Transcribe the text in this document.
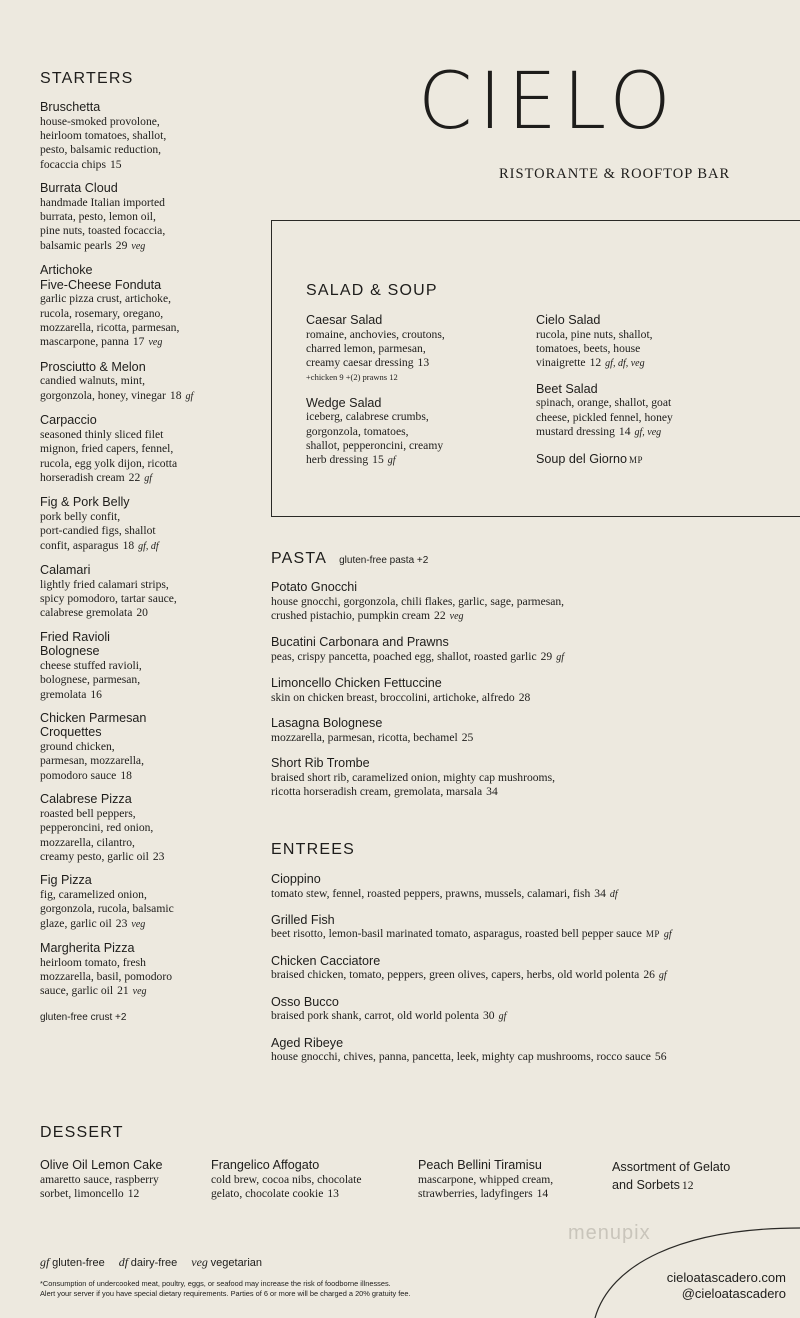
CIELO
RISTORANTE & ROOFTOP BAR
STARTERS
Bruschetta
house-smoked provolone,
heirloom tomatoes, shallot,
pesto, balsamic reduction,
focaccia chips 15
Burrata Cloud
handmade Italian imported
burrata, pesto, lemon oil,
pine nuts, toasted focaccia,
balsamic pearls 29 veg
Artichoke
Five-Cheese Fonduta
garlic pizza crust, artichoke,
rucola, rosemary, oregano,
mozzarella, ricotta, parmesan,
mascarpone, panna 17 veg
Prosciutto & Melon
candied walnuts, mint,
gorgonzola, honey, vinegar 18 gf
Carpaccio
seasoned thinly sliced filet
mignon, fried capers, fennel,
rucola, egg yolk dijon, ricotta
horseradish cream 22 gf
Fig & Pork Belly
pork belly confit,
port-candied figs, shallot
confit, asparagus 18 gf, df
Calamari
lightly fried calamari strips,
spicy pomodoro, tartar sauce,
calabrese gremolata 20
Fried Ravioli
Bolognese
cheese stuffed ravioli,
bolognese, parmesan,
gremolata 16
Chicken Parmesan
Croquettes
ground chicken,
parmesan, mozzarella,
pomodoro sauce 18
Calabrese Pizza
roasted bell peppers,
pepperoncini, red onion,
mozzarella, cilantro,
creamy pesto, garlic oil 23
Fig Pizza
fig, caramelized onion,
gorgonzola, rucola, balsamic
glaze, garlic oil 23 veg
Margherita Pizza
heirloom tomato, fresh
mozzarella, basil, pomodoro
sauce, garlic oil 21 veg
gluten-free crust +2
SALAD & SOUP
Caesar Salad
romaine, anchovies, croutons,
charred lemon, parmesan,
creamy caesar dressing 13
+chicken 9 +(2) prawns 12
Wedge Salad
iceberg, calabrese crumbs,
gorgonzola, tomatoes,
shallot, pepperoncini, creamy
herb dressing 15 gf
Cielo Salad
rucola, pine nuts, shallot,
tomatoes, beets, house
vinaigrette 12 gf, df, veg
Beet Salad
spinach, orange, shallot, goat
cheese, pickled fennel, honey
mustard dressing 14 gf, veg
Soup del Giorno MP
PASTA gluten-free pasta +2
Potato Gnocchi
house gnocchi, gorgonzola, chili flakes, garlic, sage, parmesan,
crushed pistachio, pumpkin cream 22 veg
Bucatini Carbonara and Prawns
peas, crispy pancetta, poached egg, shallot, roasted garlic 29 gf
Limoncello Chicken Fettuccine
skin on chicken breast, broccolini, artichoke, alfredo 28
Lasagna Bolognese
mozzarella, parmesan, ricotta, bechamel 25
Short Rib Trombe
braised short rib, caramelized onion, mighty cap mushrooms,
ricotta horseradish cream, gremolata, marsala 34
ENTREES
Cioppino
tomato stew, fennel, roasted peppers, prawns, mussels, calamari, fish 34 df
Grilled Fish
beet risotto, lemon-basil marinated tomato, asparagus, roasted bell pepper sauce MP gf
Chicken Cacciatore
braised chicken, tomato, peppers, green olives, capers, herbs, old world polenta 26 gf
Osso Bucco
braised pork shank, carrot, old world polenta 30 gf
Aged Ribeye
house gnocchi, chives, panna, pancetta, leek, mighty cap mushrooms, rocco sauce 56
DESSERT
Olive Oil Lemon Cake
amaretto sauce, raspberry
sorbet, limoncello 12
Frangelico Affogato
cold brew, cocoa nibs, chocolate
gelato, chocolate cookie 13
Peach Bellini Tiramisu
mascarpone, whipped cream,
strawberries, ladyfingers 14
Assortment of Gelato
and Sorbets 12
menupix
gf gluten-free df dairy-free veg vegetarian
*Consumption of undercooked meat, poultry, eggs, or seafood may increase the risk of foodborne illnesses.
Alert your server if you have special dietary requirements. Parties of 6 or more will be charged a 20% gratuity fee.
cieloatascadero.com
@cieloatascadero
